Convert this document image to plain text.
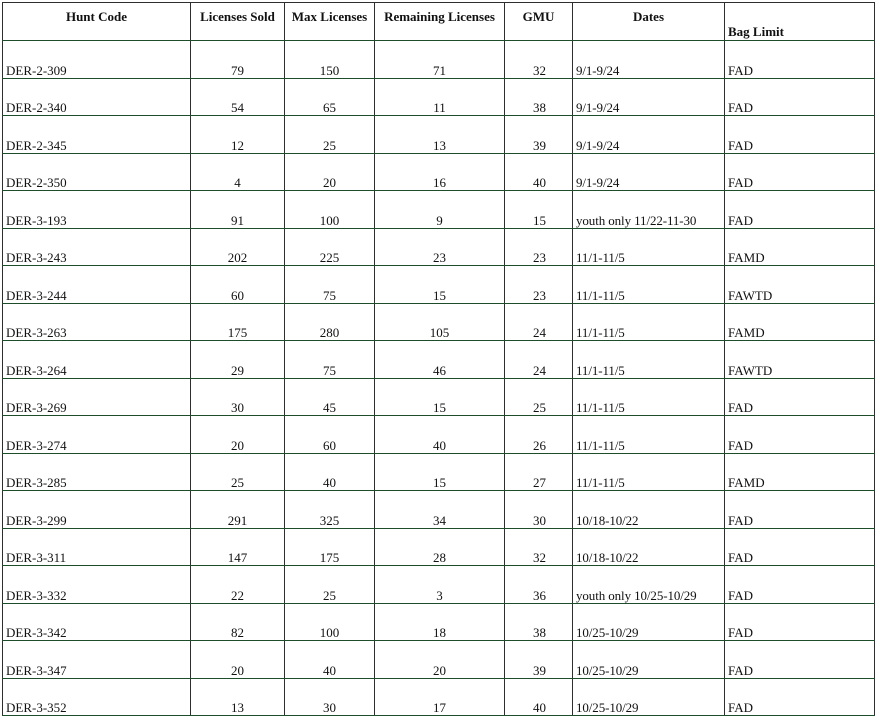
Hunt Code	Licenses Sold	Max Licenses	Remaining Licenses	GMU	Dates	Bag Limit
DER-2-309	79	150	71	32	9/1-9/24	FAD
DER-2-340	54	65	11	38	9/1-9/24	FAD
DER-2-345	12	25	13	39	9/1-9/24	FAD
DER-2-350	4	20	16	40	9/1-9/24	FAD
DER-3-193	91	100	9	15	youth only 11/22-11-30	FAD
DER-3-243	202	225	23	23	11/1-11/5	FAMD
DER-3-244	60	75	15	23	11/1-11/5	FAWTD
DER-3-263	175	280	105	24	11/1-11/5	FAMD
DER-3-264	29	75	46	24	11/1-11/5	FAWTD
DER-3-269	30	45	15	25	11/1-11/5	FAD
DER-3-274	20	60	40	26	11/1-11/5	FAD
DER-3-285	25	40	15	27	11/1-11/5	FAMD
DER-3-299	291	325	34	30	10/18-10/22	FAD
DER-3-311	147	175	28	32	10/18-10/22	FAD
DER-3-332	22	25	3	36	youth only 10/25-10/29	FAD
DER-3-342	82	100	18	38	10/25-10/29	FAD
DER-3-347	20	40	20	39	10/25-10/29	FAD
DER-3-352	13	30	17	40	10/25-10/29	FAD
